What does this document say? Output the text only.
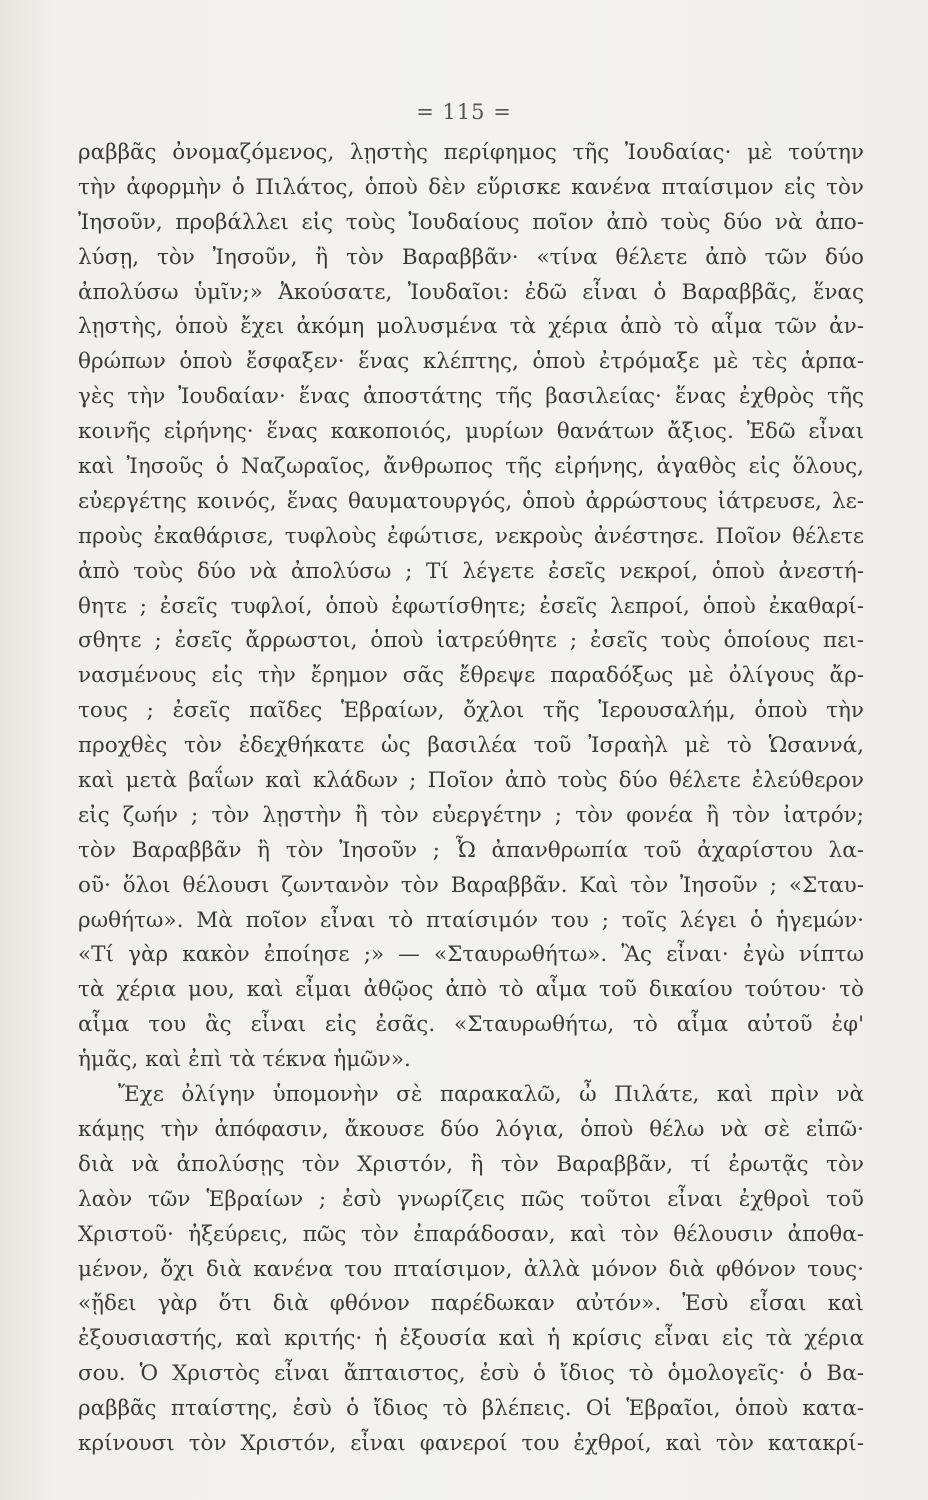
= 115 =
ραββᾶς ὀνομαζόμενος, λῃστὴς περίφημος τῆς Ἰουδαίας· μὲ τούτην
τὴν ἀφορμὴν ὁ Πιλάτος, ὁποὺ δὲν εὕρισκε κανένα πταίσιμον εἰς τὸν
Ἰησοῦν, προβάλλει εἰς τοὺς Ἰουδαίους ποῖον ἀπὸ τοὺς δύο νὰ ἀπο-
λύσῃ, τὸν Ἰησοῦν, ἢ τὸν Βαραββᾶν· «τίνα θέλετε ἀπὸ τῶν δύο
ἀπολύσω ὑμῖν;» Ἀκούσατε, Ἰουδαῖοι: ἐδῶ εἶναι ὁ Βαραββᾶς, ἕνας
λῃστὴς, ὁποὺ ἔχει ἀκόμη μολυσμένα τὰ χέρια ἀπὸ τὸ αἷμα τῶν ἀν-
θρώπων ὁποὺ ἔσφαξεν· ἕνας κλέπτης, ὁποὺ ἐτρόμαξε μὲ τὲς ἁρπα-
γὲς τὴν Ἰουδαίαν· ἕνας ἀποστάτης τῆς βασιλείας· ἕνας ἐχθρὸς τῆς
κοινῆς εἰρήνης· ἕνας κακοποιός, μυρίων θανάτων ἄξιος. Ἐδῶ εἶναι
καὶ Ἰησοῦς ὁ Ναζωραῖος, ἄνθρωπος τῆς εἰρήνης, ἀγαθὸς εἰς ὅλους,
εὐεργέτης κοινός, ἕνας θαυματουργός, ὁποὺ ἀρρώστους ἰάτρευσε, λε-
προὺς ἐκαθάρισε, τυφλοὺς ἐφώτισε, νεκροὺς ἀνέστησε. Ποῖον θέλετε
ἀπὸ τοὺς δύο νὰ ἀπολύσω ; Τί λέγετε ἐσεῖς νεκροί, ὁποὺ ἀνεστή-
θητε ; ἐσεῖς τυφλοί, ὁποὺ ἐφωτίσθητε; ἐσεῖς λεπροί, ὁποὺ ἐκαθαρί-
σθητε ; ἐσεῖς ἄρρωστοι, ὁποὺ ἰατρεύθητε ; ἐσεῖς τοὺς ὁποίους πει-
νασμένους εἰς τὴν ἔρημον σᾶς ἔθρεψε παραδόξως μὲ ὀλίγους ἄρ-
τους ; ἐσεῖς παῖδες Ἑβραίων, ὄχλοι τῆς Ἱερουσαλήμ, ὁποὺ τὴν
προχθὲς τὸν ἐδεχθήκατε ὡς βασιλέα τοῦ Ἰσραὴλ μὲ τὸ Ὡσαννά,
καὶ μετὰ βαΐων καὶ κλάδων ; Ποῖον ἀπὸ τοὺς δύο θέλετε ἐλεύθερον
εἰς ζωήν ; τὸν λῃστὴν ἢ τὸν εὐεργέτην ; τὸν φονέα ἢ τὸν ἰατρόν;
τὸν Βαραββᾶν ἢ τὸν Ἰησοῦν ; Ὦ ἀπανθρωπία τοῦ ἀχαρίστου λα-
οῦ· ὅλοι θέλουσι ζωντανὸν τὸν Βαραββᾶν. Καὶ τὸν Ἰησοῦν ; «Σταυ-
ρωθήτω». Μὰ ποῖον εἶναι τὸ πταίσιμόν του ; τοῖς λέγει ὁ ἡγεμών·
«Τί γὰρ κακὸν ἐποίησε ;» — «Σταυρωθήτω». Ἂς εἶναι· ἐγὼ νίπτω
τὰ χέρια μου, καὶ εἶμαι ἀθῷος ἀπὸ τὸ αἷμα τοῦ δικαίου τούτου· τὸ
αἷμα του ἂς εἶναι εἰς ἐσᾶς. «Σταυρωθήτω, τὸ αἷμα αὐτοῦ ἐφ'
ἡμᾶς, καὶ ἐπὶ τὰ τέκνα ἡμῶν».
Ἔχε ὀλίγην ὑπομονὴν σὲ παρακαλῶ, ὦ Πιλάτε, καὶ πρὶν νὰ
κάμῃς τὴν ἀπόφασιν, ἄκουσε δύο λόγια, ὁποὺ θέλω νὰ σὲ εἰπῶ·
διὰ νὰ ἀπολύσῃς τὸν Χριστόν, ἢ τὸν Βαραββᾶν, τί ἐρωτᾷς τὸν
λαὸν τῶν Ἑβραίων ; ἐσὺ γνωρίζεις πῶς τοῦτοι εἶναι ἐχθροὶ τοῦ
Χριστοῦ· ἠξεύρεις, πῶς τὸν ἐπαράδοσαν, καὶ τὸν θέλουσιν ἀποθα-
μένον, ὄχι διὰ κανένα του πταίσιμον, ἀλλὰ μόνον διὰ φθόνον τους·
«ᾔδει γὰρ ὅτι διὰ φθόνον παρέδωκαν αὐτόν». Ἐσὺ εἶσαι καὶ
ἐξουσιαστής, καὶ κριτής· ἡ ἐξουσία καὶ ἡ κρίσις εἶναι εἰς τὰ χέρια
σου. Ὁ Χριστὸς εἶναι ἄπταιστος, ἐσὺ ὁ ἴδιος τὸ ὁμολογεῖς· ὁ Βα-
ραββᾶς πταίστης, ἐσὺ ὁ ἴδιος τὸ βλέπεις. Οἱ Ἑβραῖοι, ὁποὺ κατα-
κρίνουσι τὸν Χριστόν, εἶναι φανεροί του ἐχθροί, καὶ τὸν κατακρί-
